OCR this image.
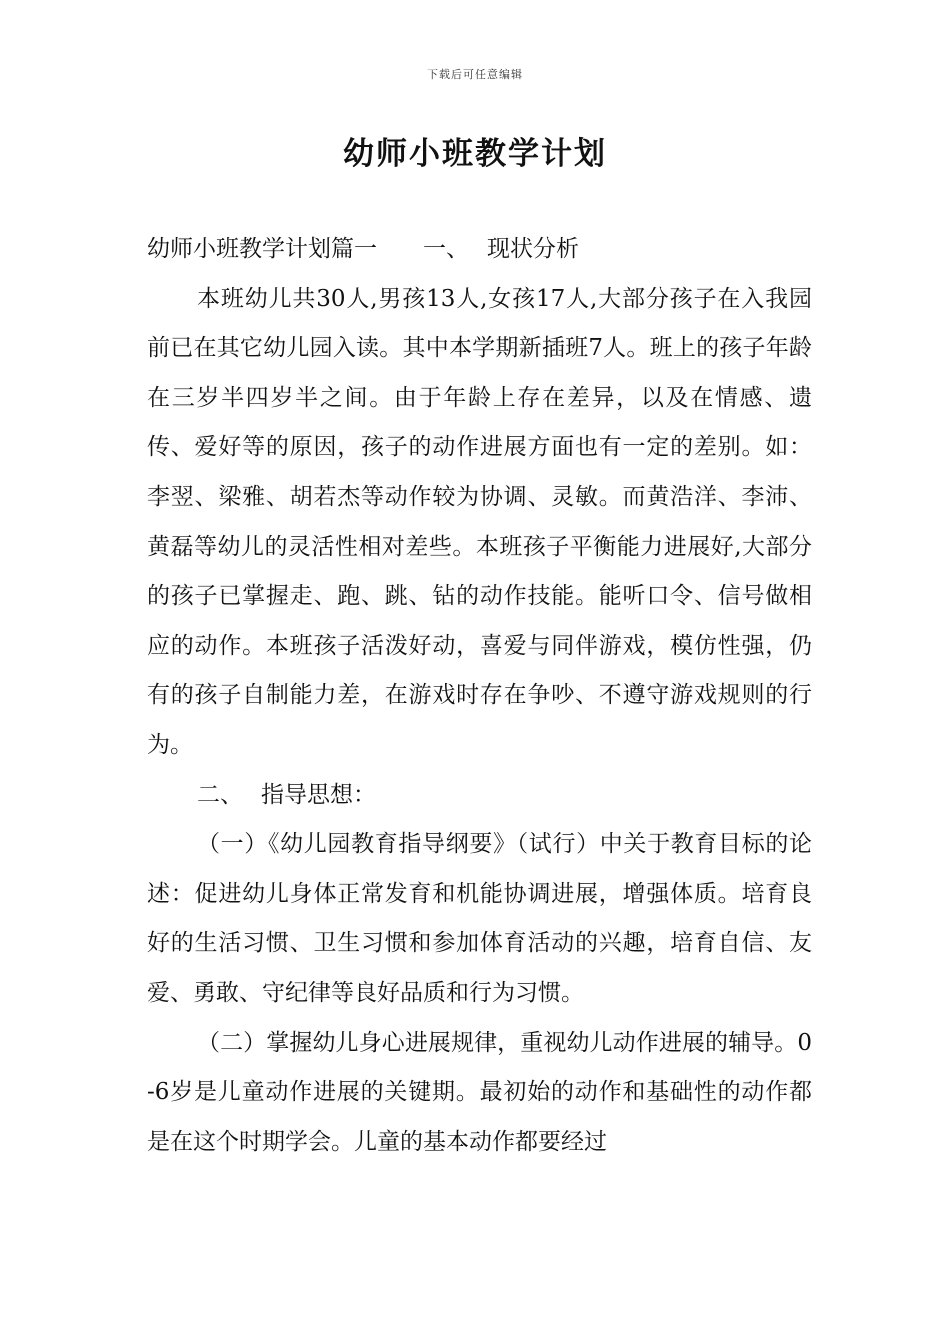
下载后可任意编辑
幼师小班教学计划

幼师小班教学计划篇一 一、 现状分析

本班幼儿共30人,男孩13人,女孩17人,大部分孩子在入我园前已在其它幼儿园入读。其中本学期新插班7人。班上的孩子年龄在三岁半四岁半之间。由于年龄上存在差异，以及在情感、遗传、爱好等的原因，孩子的动作进展方面也有一定的差别。如：李翌、梁雅、胡若杰等动作较为协调、灵敏。而黄浩洋、李沛、黄磊等幼儿的灵活性相对差些。本班孩子平衡能力进展好,大部分的孩子已掌握走、跑、跳、钻的动作技能。能听口令、信号做相应的动作。本班孩子活泼好动，喜爱与同伴游戏，模仿性强，仍有的孩子自制能力差，在游戏时存在争吵、不遵守游戏规则的行为。

二、 指导思想：

（一）《幼儿园教育指导纲要》（试行）中关于教育目标的论述：促进幼儿身体正常发育和机能协调进展，增强体质。培育良好的生活习惯、卫生习惯和参加体育活动的兴趣，培育自信、友爱、勇敢、守纪律等良好品质和行为习惯。

（二）掌握幼儿身心进展规律，重视幼儿动作进展的辅导。0-6岁是儿童动作进展的关键期。最初始的动作和基础性的动作都是在这个时期学会。儿童的基本动作都要经过
